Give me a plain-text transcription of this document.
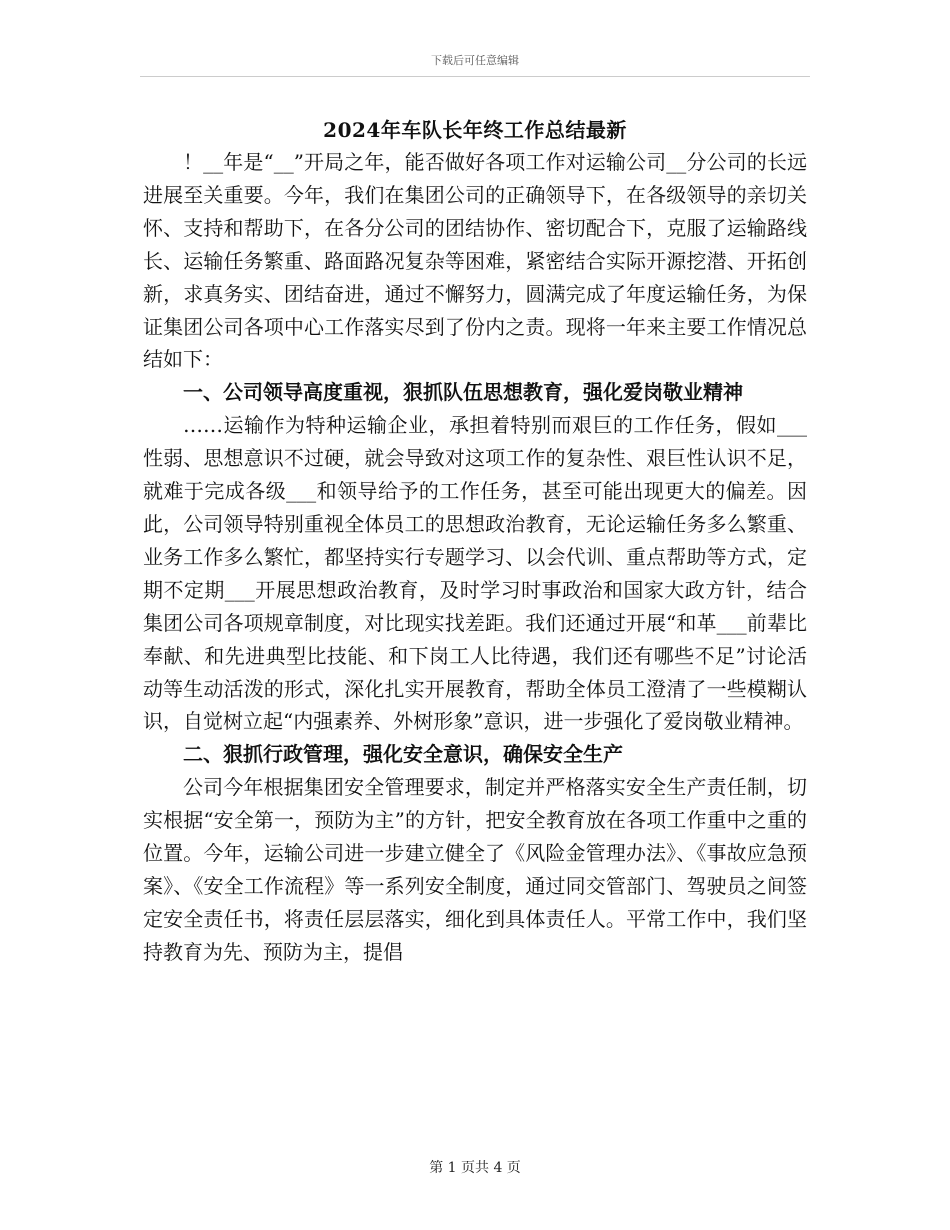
下载后可任意编辑
2024年车队长年终工作总结最新

！__年是“__”开局之年，能否做好各项工作对运输公司__分公司的长远进展至关重要。今年，我们在集团公司的正确领导下，在各级领导的亲切关怀、支持和帮助下，在各分公司的团结协作、密切配合下，克服了运输路线长、运输任务繁重、路面路况复杂等困难，紧密结合实际开源挖潜、开拓创新，求真务实、团结奋进，通过不懈努力，圆满完成了年度运输任务，为保证集团公司各项中心工作落实尽到了份内之责。现将一年来主要工作情况总结如下：

一、公司领导高度重视，狠抓队伍思想教育，强化爱岗敬业精神

……运输作为特种运输企业，承担着特别而艰巨的工作任务，假如___性弱、思想意识不过硬，就会导致对这项工作的复杂性、艰巨性认识不足，就难于完成各级___和领导给予的工作任务，甚至可能出现更大的偏差。因此，公司领导特别重视全体员工的思想政治教育，无论运输任务多么繁重、业务工作多么繁忙，都坚持实行专题学习、以会代训、重点帮助等方式，定期不定期___开展思想政治教育，及时学习时事政治和国家大政方针，结合集团公司各项规章制度，对比现实找差距。我们还通过开展“和革___前辈比奉献、和先进典型比技能、和下岗工人比待遇，我们还有哪些不足”讨论活动等生动活泼的形式，深化扎实开展教育，帮助全体员工澄清了一些模糊认识，自觉树立起“内强素养、外树形象”意识，进一步强化了爱岗敬业精神。

二、狠抓行政管理，强化安全意识，确保安全生产

公司今年根据集团安全管理要求，制定并严格落实安全生产责任制，切实根据“安全第一，预防为主”的方针，把安全教育放在各项工作重中之重的位置。今年，运输公司进一步建立健全了《风险金管理办法》、《事故应急预案》、《安全工作流程》等一系列安全制度，通过同交管部门、驾驶员之间签定安全责任书，将责任层层落实，细化到具体责任人。平常工作中，我们坚持教育为先、预防为主，提倡

第 1 页共 4 页
